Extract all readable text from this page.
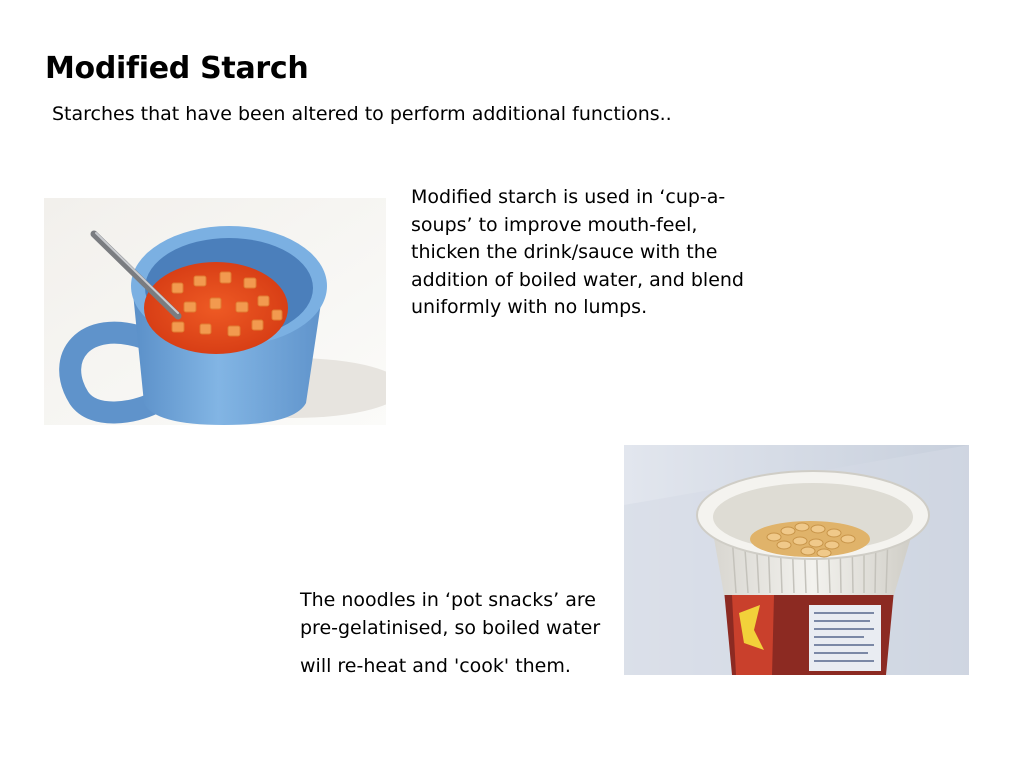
Modified Starch

Starches that have been altered to perform additional functions..

Modified starch is used in ‘cup-a-soups’ to improve mouth-feel, thicken the drink/sauce with the addition of boiled water, and blend uniformly with no lumps.
The noodles in ‘pot snacks’ are pre-gelatinised, so boiled water
will re-heat and 'cook' them.
